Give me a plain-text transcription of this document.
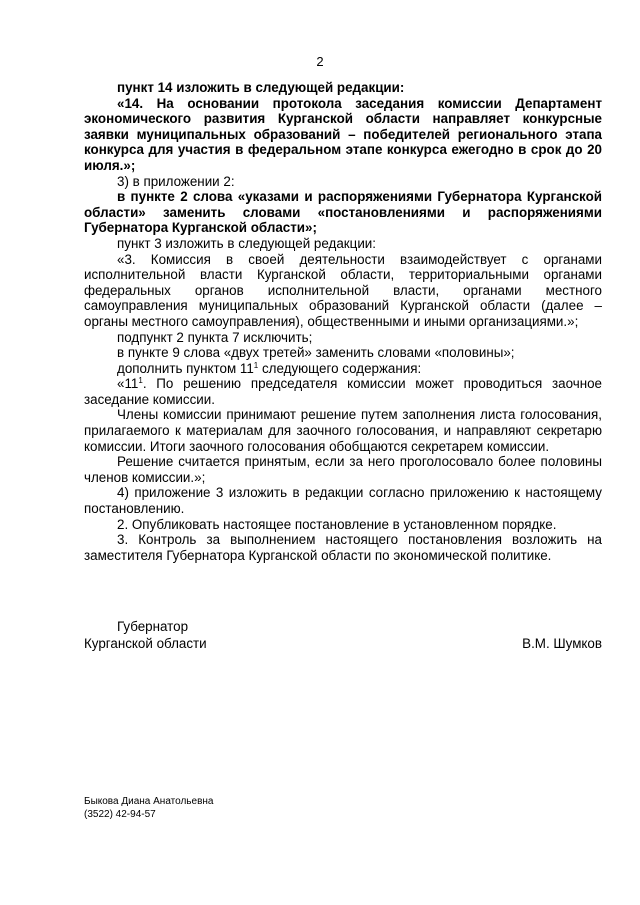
2

пункт 14 изложить в следующей редакции:

«14. На основании протокола заседания комиссии Департамент экономического развития Курганской области направляет конкурсные заявки муниципальных образований – победителей регионального этапа конкурса для участия в федеральном этапе конкурса ежегодно в срок до 20 июля.»;

3) в приложении 2:

в пункте 2 слова «указами и распоряжениями Губернатора Курганской области» заменить словами «постановлениями и распоряжениями Губернатора Курганской области»;

пункт 3 изложить в следующей редакции:

«3. Комиссия в своей деятельности взаимодействует с органами исполнительной власти Курганской области, территориальными органами федеральных органов исполнительной власти, органами местного самоуправления муниципальных образований Курганской области (далее – органы местного самоуправления), общественными и иными организациями.»;

подпункт 2 пункта 7 исключить;

в пункте 9 слова «двух третей» заменить словами «половины»;

дополнить пунктом $11^1$ следующего содержания:

«$11^1$. По решению председателя комиссии может проводиться заочное заседание комиссии.

Члены комиссии принимают решение путем заполнения листа голосования, прилагаемого к материалам для заочного голосования, и направляют секретарю комиссии. Итоги заочного голосования обобщаются секретарем комиссии.

Решение считается принятым, если за него проголосовало более половины членов комиссии.»;

4) приложение 3 изложить в редакции согласно приложению к настоящему постановлению.

2. Опубликовать настоящее постановление в установленном порядке.

3. Контроль за выполнением настоящего постановления возложить на заместителя Губернатора Курганской области по экономической политике.

Губернатор
Курганской области	В.М. Шумков
Быкова Диана Анатольевна
(3522) 42-94-57
